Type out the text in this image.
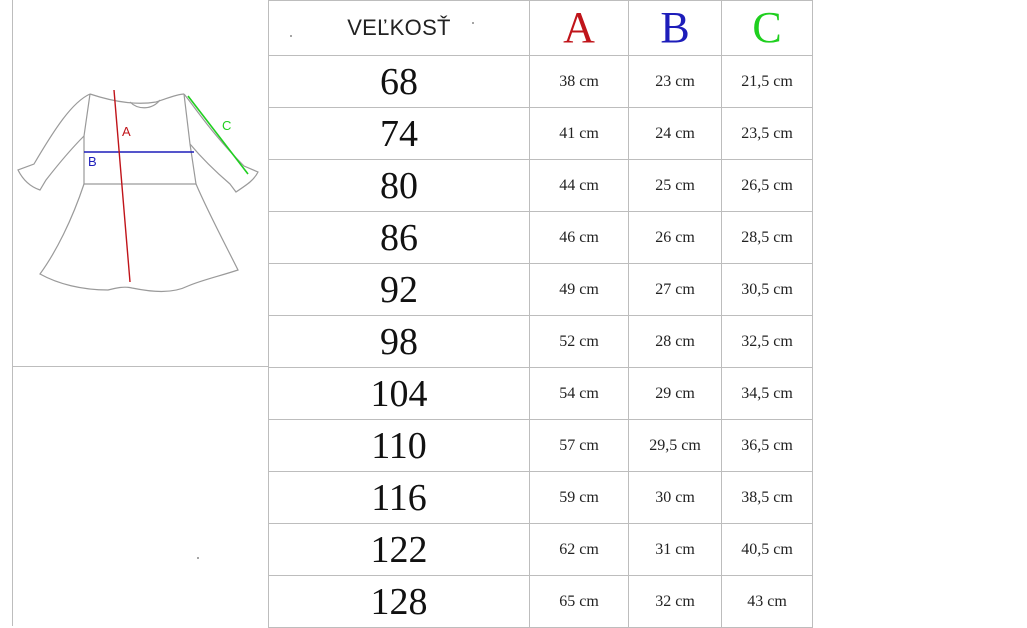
A
B
C
VEĽKOSŤ	A	B	C
68	38 cm	23 cm	21,5 cm
74	41 cm	24 cm	23,5 cm
80	44 cm	25 cm	26,5 cm
86	46 cm	26 cm	28,5 cm
92	49 cm	27 cm	30,5 cm
98	52 cm	28 cm	32,5 cm
104	54 cm	29 cm	34,5 cm
110	57 cm	29,5 cm	36,5 cm
116	59 cm	30 cm	38,5 cm
122	62 cm	31 cm	40,5 cm
128	65 cm	32 cm	43 cm
